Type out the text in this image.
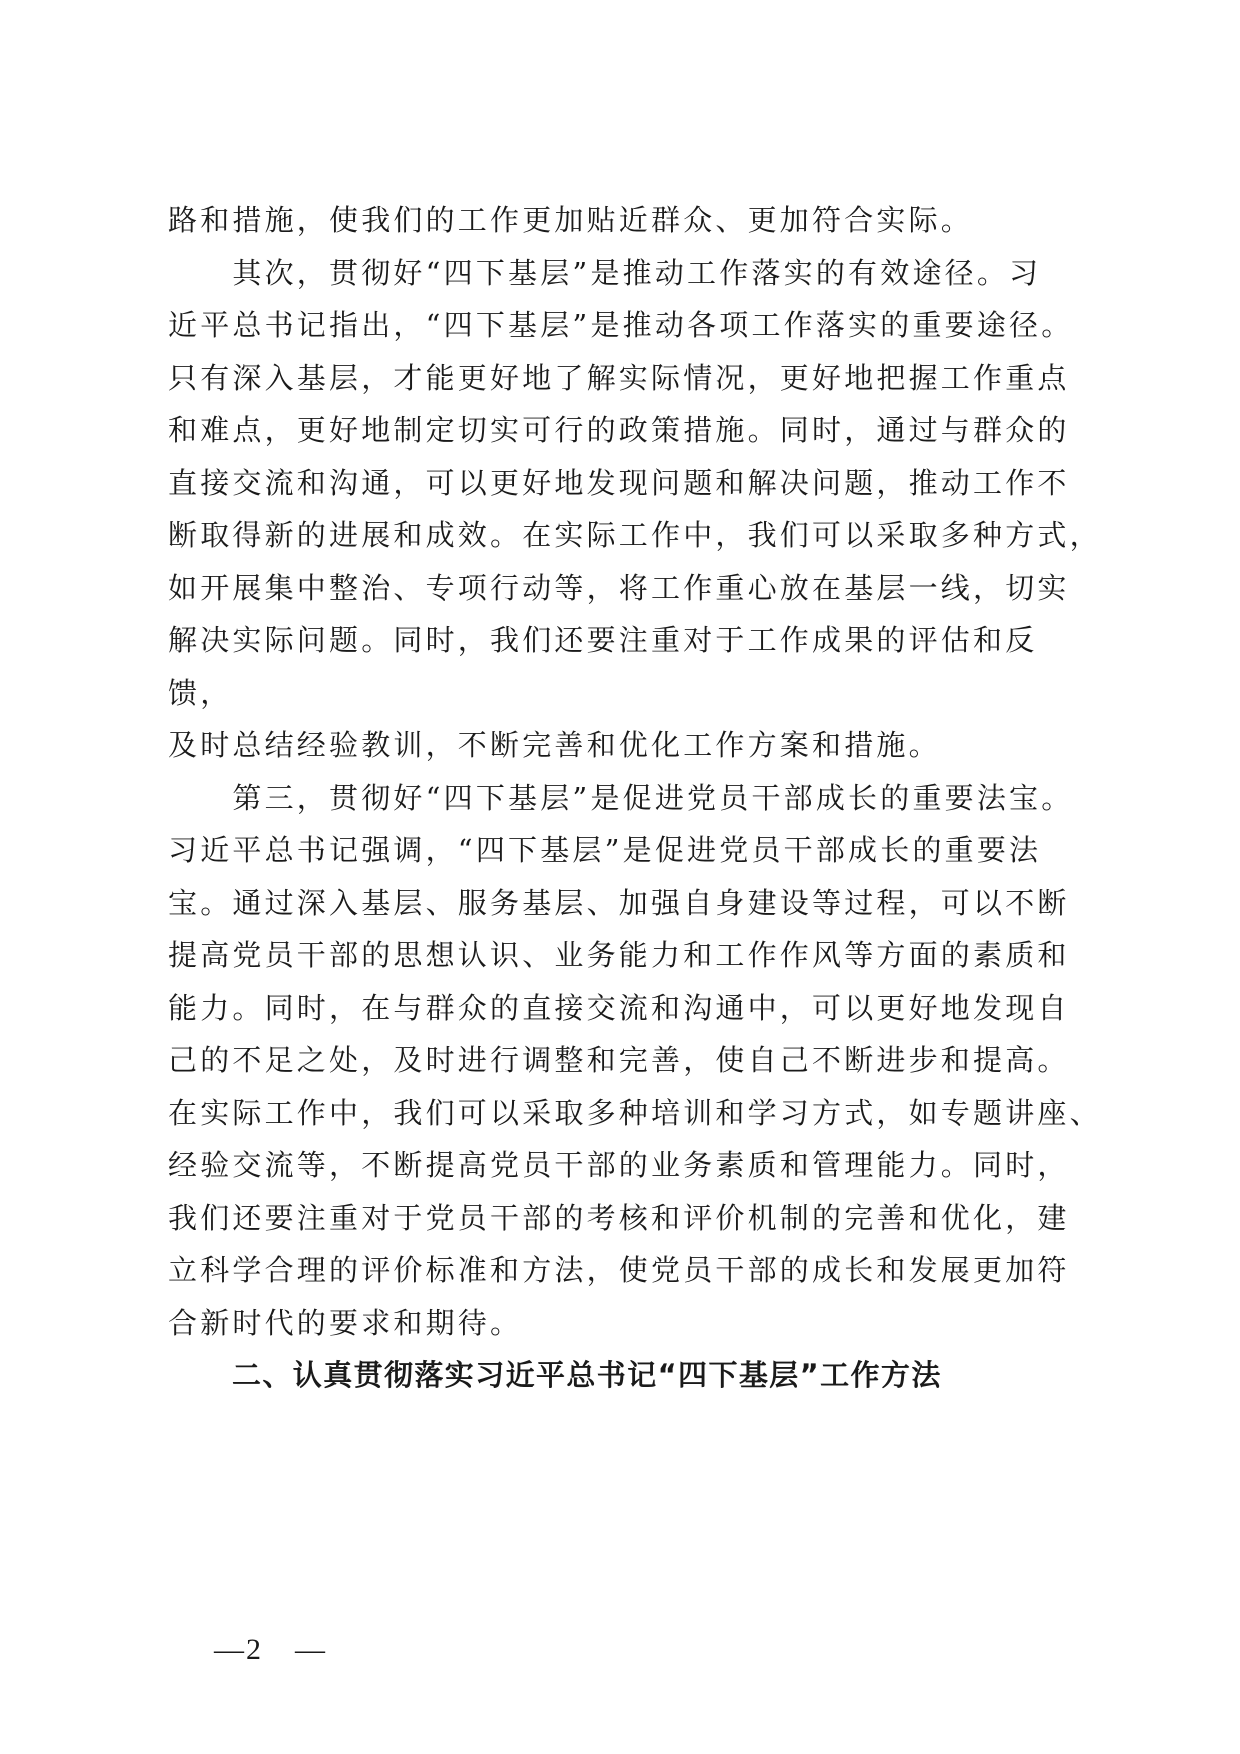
路和措施，使我们的工作更加贴近群众、更加符合实际。
　　其次，贯彻好“四下基层”是推动工作落实的有效途径。习
近平总书记指出，“四下基层”是推动各项工作落实的重要途径。
只有深入基层，才能更好地了解实际情况，更好地把握工作重点
和难点，更好地制定切实可行的政策措施。同时，通过与群众的
直接交流和沟通，可以更好地发现问题和解决问题，推动工作不
断取得新的进展和成效。在实际工作中，我们可以采取多种方式，
如开展集中整治、专项行动等，将工作重心放在基层一线，切实
解决实际问题。同时，我们还要注重对于工作成果的评估和反
馈，
及时总结经验教训，不断完善和优化工作方案和措施。
　　第三，贯彻好“四下基层”是促进党员干部成长的重要法宝。
习近平总书记强调，“四下基层”是促进党员干部成长的重要法
宝。通过深入基层、服务基层、加强自身建设等过程，可以不断
提高党员干部的思想认识、业务能力和工作作风等方面的素质和
能力。同时，在与群众的直接交流和沟通中，可以更好地发现自
己的不足之处，及时进行调整和完善，使自己不断进步和提高。
在实际工作中，我们可以采取多种培训和学习方式，如专题讲座、
经验交流等，不断提高党员干部的业务素质和管理能力。同时，
我们还要注重对于党员干部的考核和评价机制的完善和优化，建
立科学合理的评价标准和方法，使党员干部的成长和发展更加符
合新时代的要求和期待。
二、认真贯彻落实习近平总书记“四下基层”工作方法
—2　—
